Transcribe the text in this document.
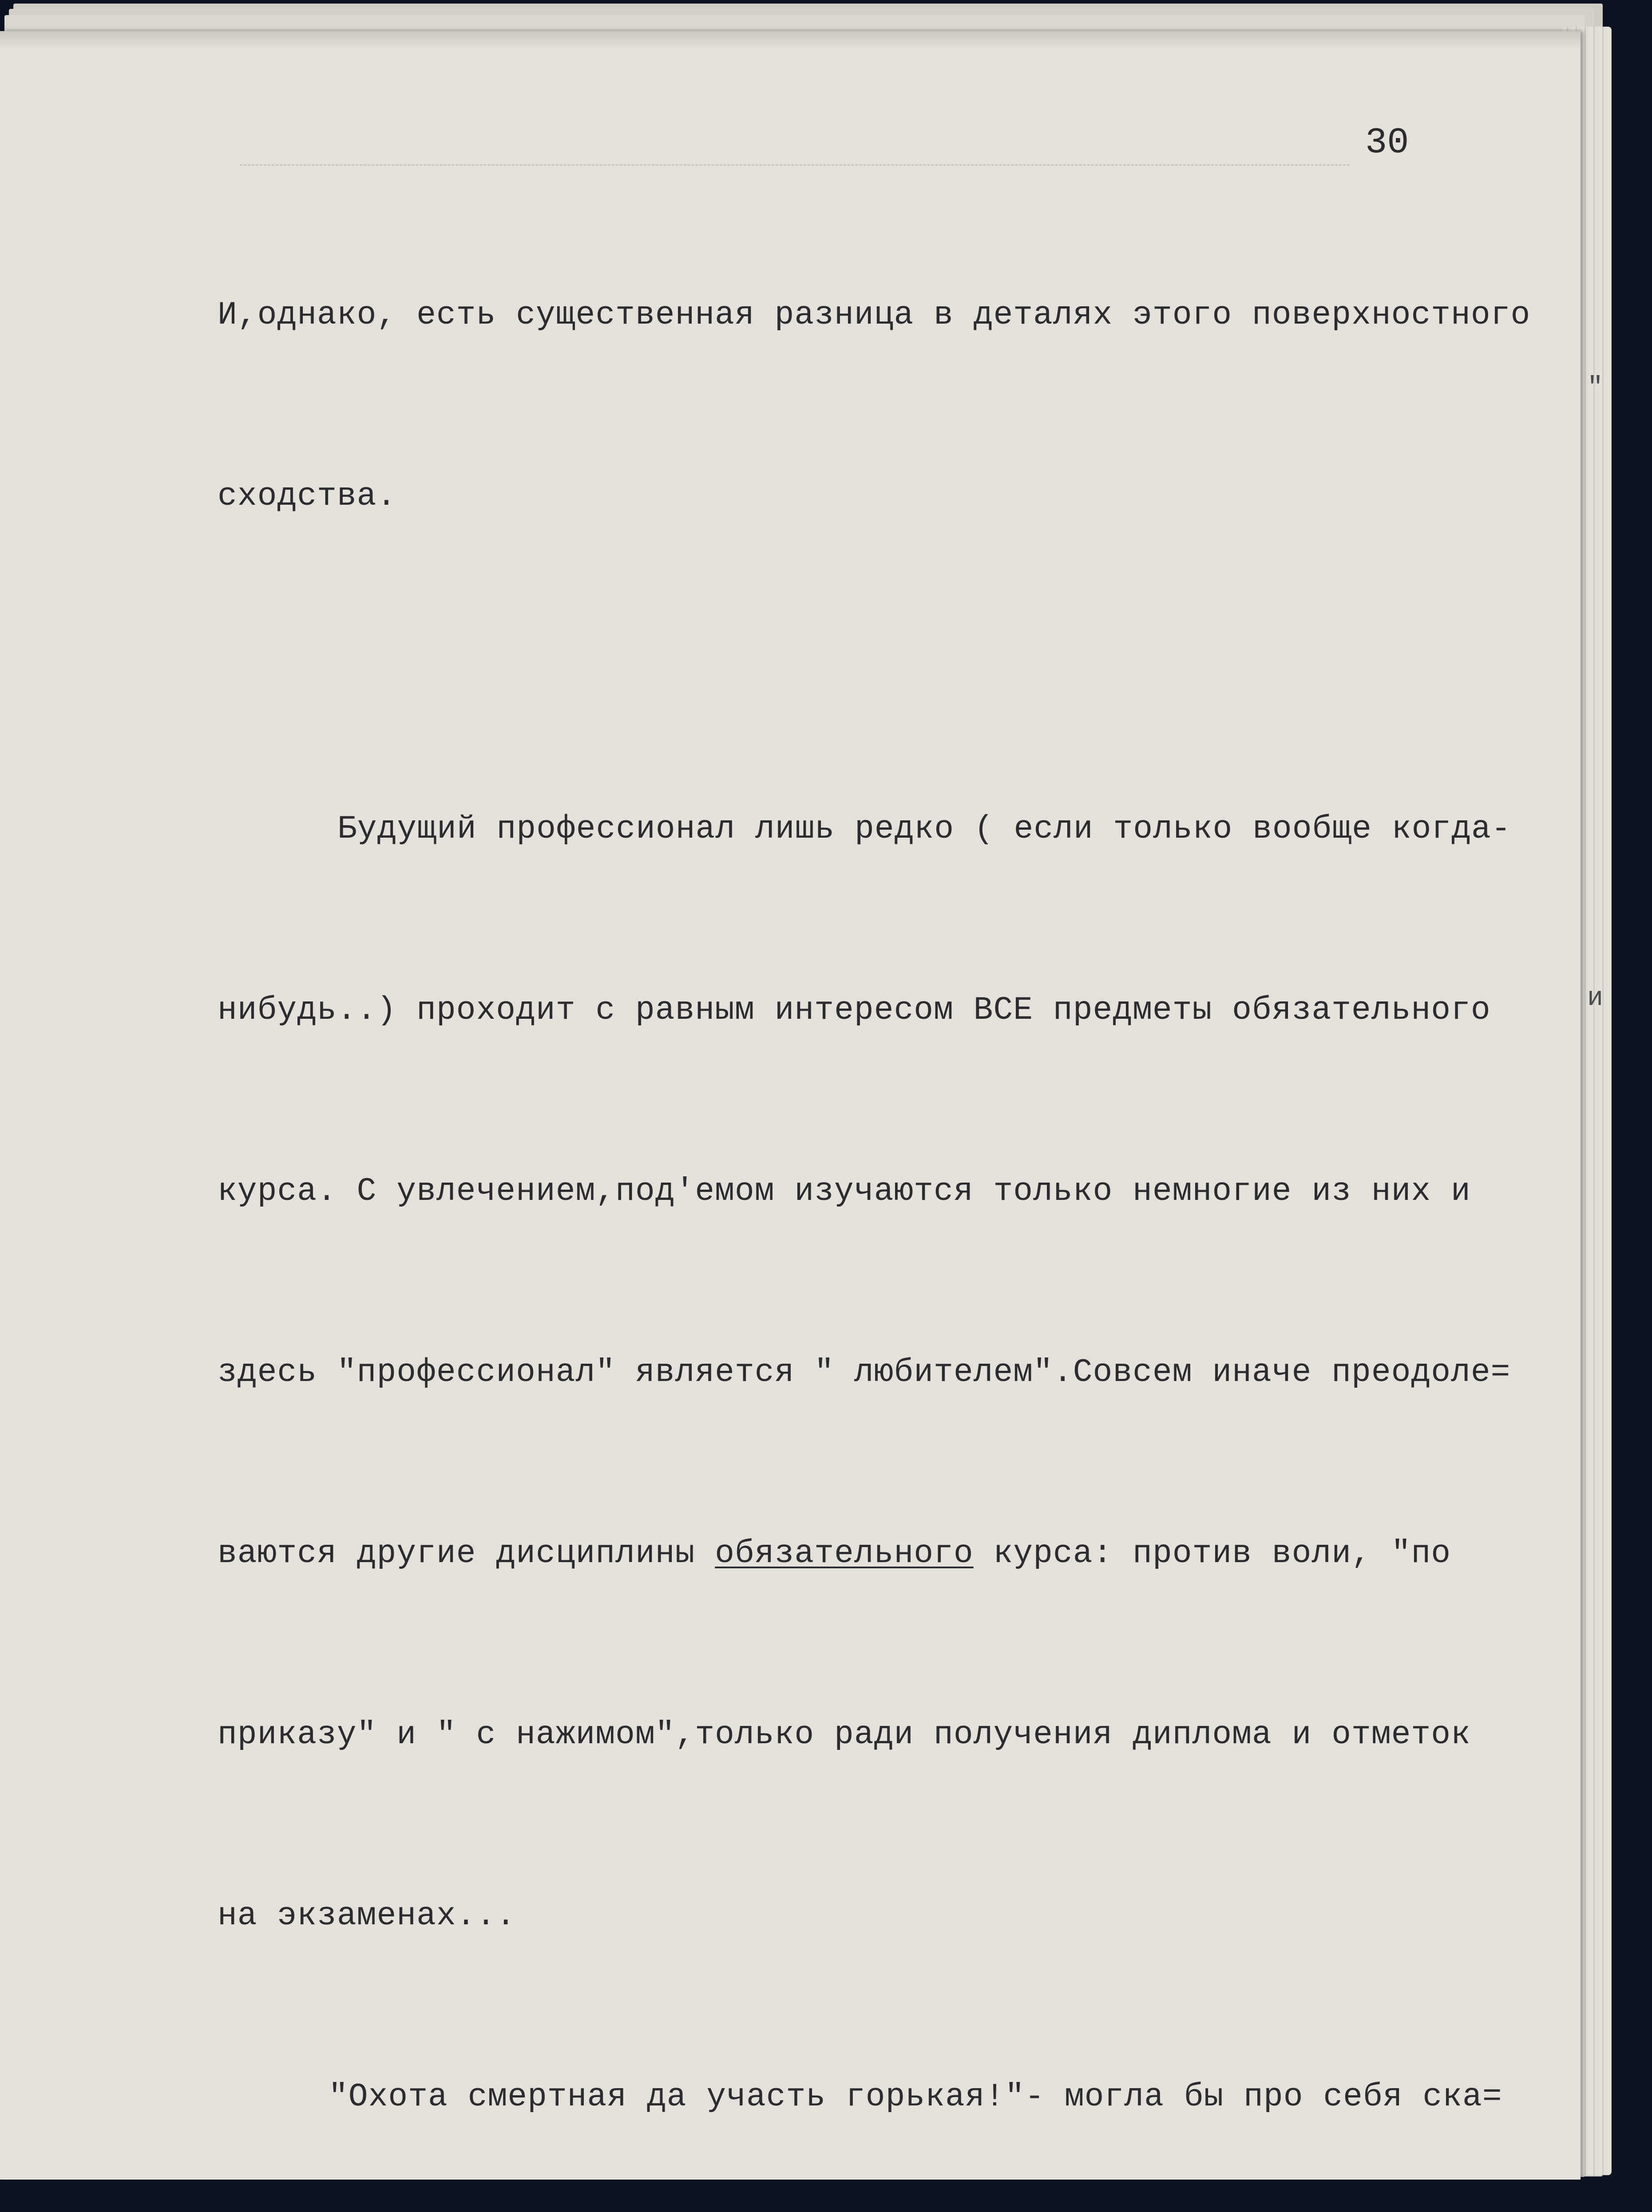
30

И,однако, есть существенная разница в деталях этого поверхностного

сходства.

Будущий профессионал лишь редко ( если только вообще когда-

нибудь..) проходит с равным интересом ВСЕ предметы обязательного

курса. С увлечением,под'емом изучаются только немногие из них и

здесь "профессионал" является " любителем".Совсем иначе преодоле=

ваются другие дисциплины обязательного курса: против воли, "по

приказу" и " с нажимом",только ради получения диплома и отметок

на экзаменах...

"Охота смертная да участь горькая!"- могла бы про себя ска=

"
и
